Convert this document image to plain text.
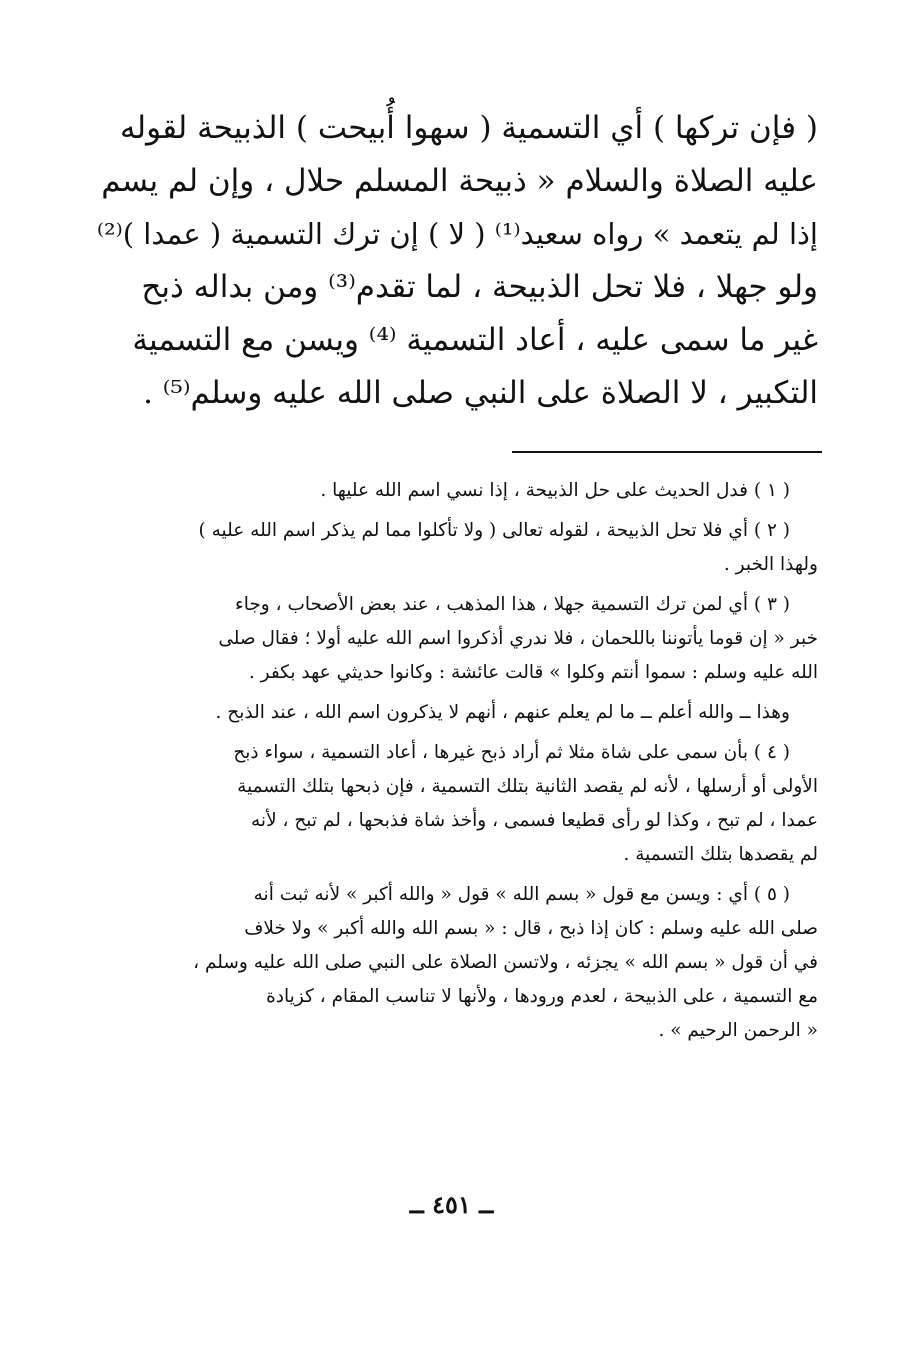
( فإن تركها ) أي التسمية ( سهوا أُبيحت ) الذبيحة لقوله
عليه الصلاة والسلام « ذبيحة المسلم حلال ، وإن لم يسم
إذا لم يتعمد » رواه سعيد⁽¹⁾ ( لا ) إن ترك التسمية ( عمدا )⁽²⁾
ولو جهلا ، فلا تحل الذبيحة ، لما تقدم⁽³⁾ ومن بداله ذبح
غير ما سمى عليه ، أعاد التسمية ⁽⁴⁾ ويسن مع التسمية
التكبير ، لا الصلاة على النبي صلى الله عليه وسلم⁽⁵⁾ .
( ١ ) فدل الحديث على حل الذبيحة ، إذا نسي اسم الله عليها .
( ٢ ) أي فلا تحل الذبيحة ، لقوله تعالى ( ولا تأكلوا مما لم يذكر اسم الله عليه )
ولهذا الخبر .
( ٣ ) أي لمن ترك التسمية جهلا ، هذا المذهب ، عند بعض الأصحاب ، وجاء
خبر « إن قوما يأتوننا باللحمان ، فلا ندري أذكروا اسم الله عليه أولا ؛ فقال صلى
الله عليه وسلم : سموا أنتم وكلوا » قالت عائشة : وكانوا حديثي عهد بكفر .
وهذا ــ والله أعلم ــ ما لم يعلم عنهم ، أنهم لا يذكرون اسم الله ، عند الذبح .
( ٤ ) بأن سمى على شاة مثلا ثم أراد ذبح غيرها ، أعاد التسمية ، سواء ذبح
الأولى أو أرسلها ، لأنه لم يقصد الثانية بتلك التسمية ، فإن ذبحها بتلك التسمية
عمدا ، لم تبح ، وكذا لو رأى قطيعا فسمى ، وأخذ شاة فذبحها ، لم تبح ، لأنه
لم يقصدها بتلك التسمية .
( ٥ ) أي : ويسن مع قول « بسم الله » قول « والله أكبر » لأنه ثبت أنه
صلى الله عليه وسلم : كان إذا ذبح ، قال : « بسم الله والله أكبر » ولا خلاف
في أن قول « بسم الله » يجزئه ، ولاتسن الصلاة على النبي صلى الله عليه وسلم ،
مع التسمية ، على الذبيحة ، لعدم ورودها ، ولأنها لا تناسب المقام ، كزيادة
« الرحمن الرحيم » .
ــ ٤٥١ ــ
